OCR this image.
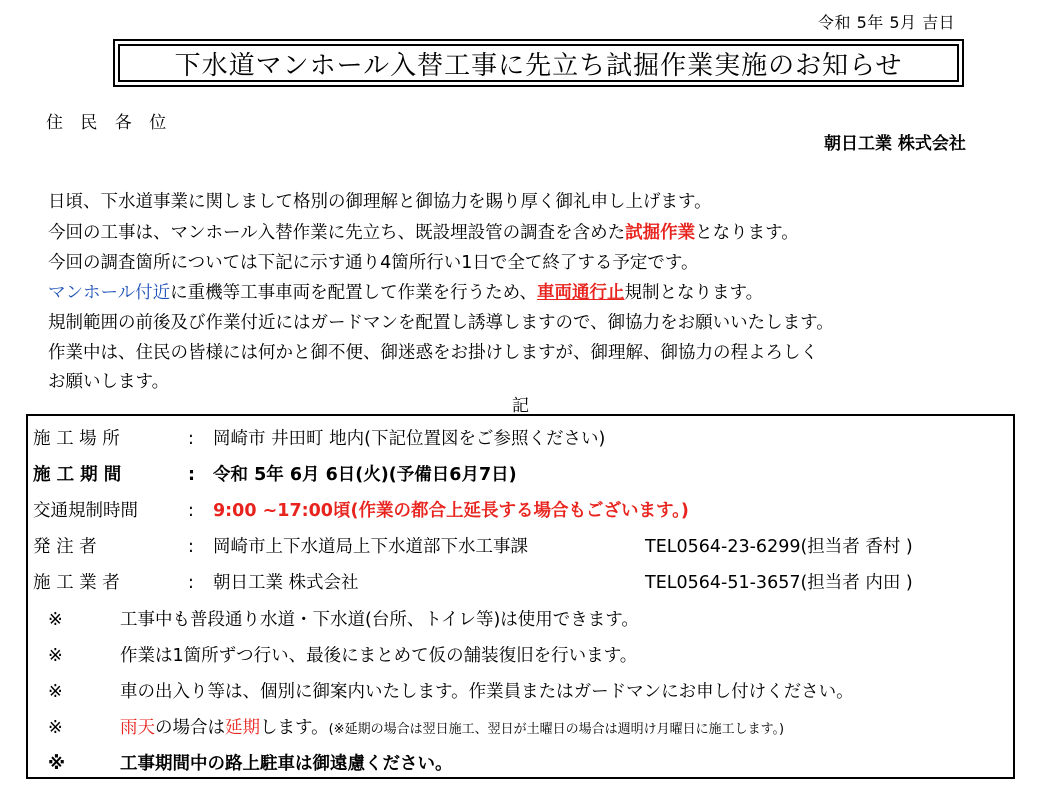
令和 5年 5月 吉日
下水道マンホール入替工事に先立ち試掘作業実施のお知らせ
住 民 各 位
朝日工業 株式会社
日頃、下水道事業に関しまして格別の御理解と御協力を賜り厚く御礼申し上げます。
今回の工事は、マンホール入替作業に先立ち、既設埋設管の調査を含めた試掘作業となります。
今回の調査箇所については下記に示す通り4箇所行い1日で全て終了する予定です。
マンホール付近に重機等工事車両を配置して作業を行うため、車両通行止規制となります。
規制範囲の前後及び作業付近にはガードマンを配置し誘導しますので、御協力をお願いいたします。
作業中は、住民の皆様には何かと御不便、御迷惑をお掛けしますが、御理解、御協力の程よろしく
お願いします。
記
施 工 場 所	: 岡崎市 井田町 地内(下記位置図をご参照ください)
施 工 期 間	: 令和 5年 6月 6日(火)(予備日6月7日)
交通規制時間	: 9:00 ~17:00頃(作業の都合上延長する場合もございます。)
発 注 者	: 岡崎市上下水道局上下水道部下水工事課	TEL0564-23-6299(担当者 香村 )
施 工 業 者	: 朝日工業 株式会社	TEL0564-51-3657(担当者 内田 )
※	工事中も普段通り水道・下水道(台所、トイレ等)は使用できます。
※	作業は1箇所ずつ行い、最後にまとめて仮の舗装復旧を行います。
※	車の出入り等は、個別に御案内いたします。作業員またはガードマンにお申し付けください。
※	雨天の場合は延期します。(※延期の場合は翌日施工、翌日が土曜日の場合は週明け月曜日に施工します。)
※	工事期間中の路上駐車は御遠慮ください。
